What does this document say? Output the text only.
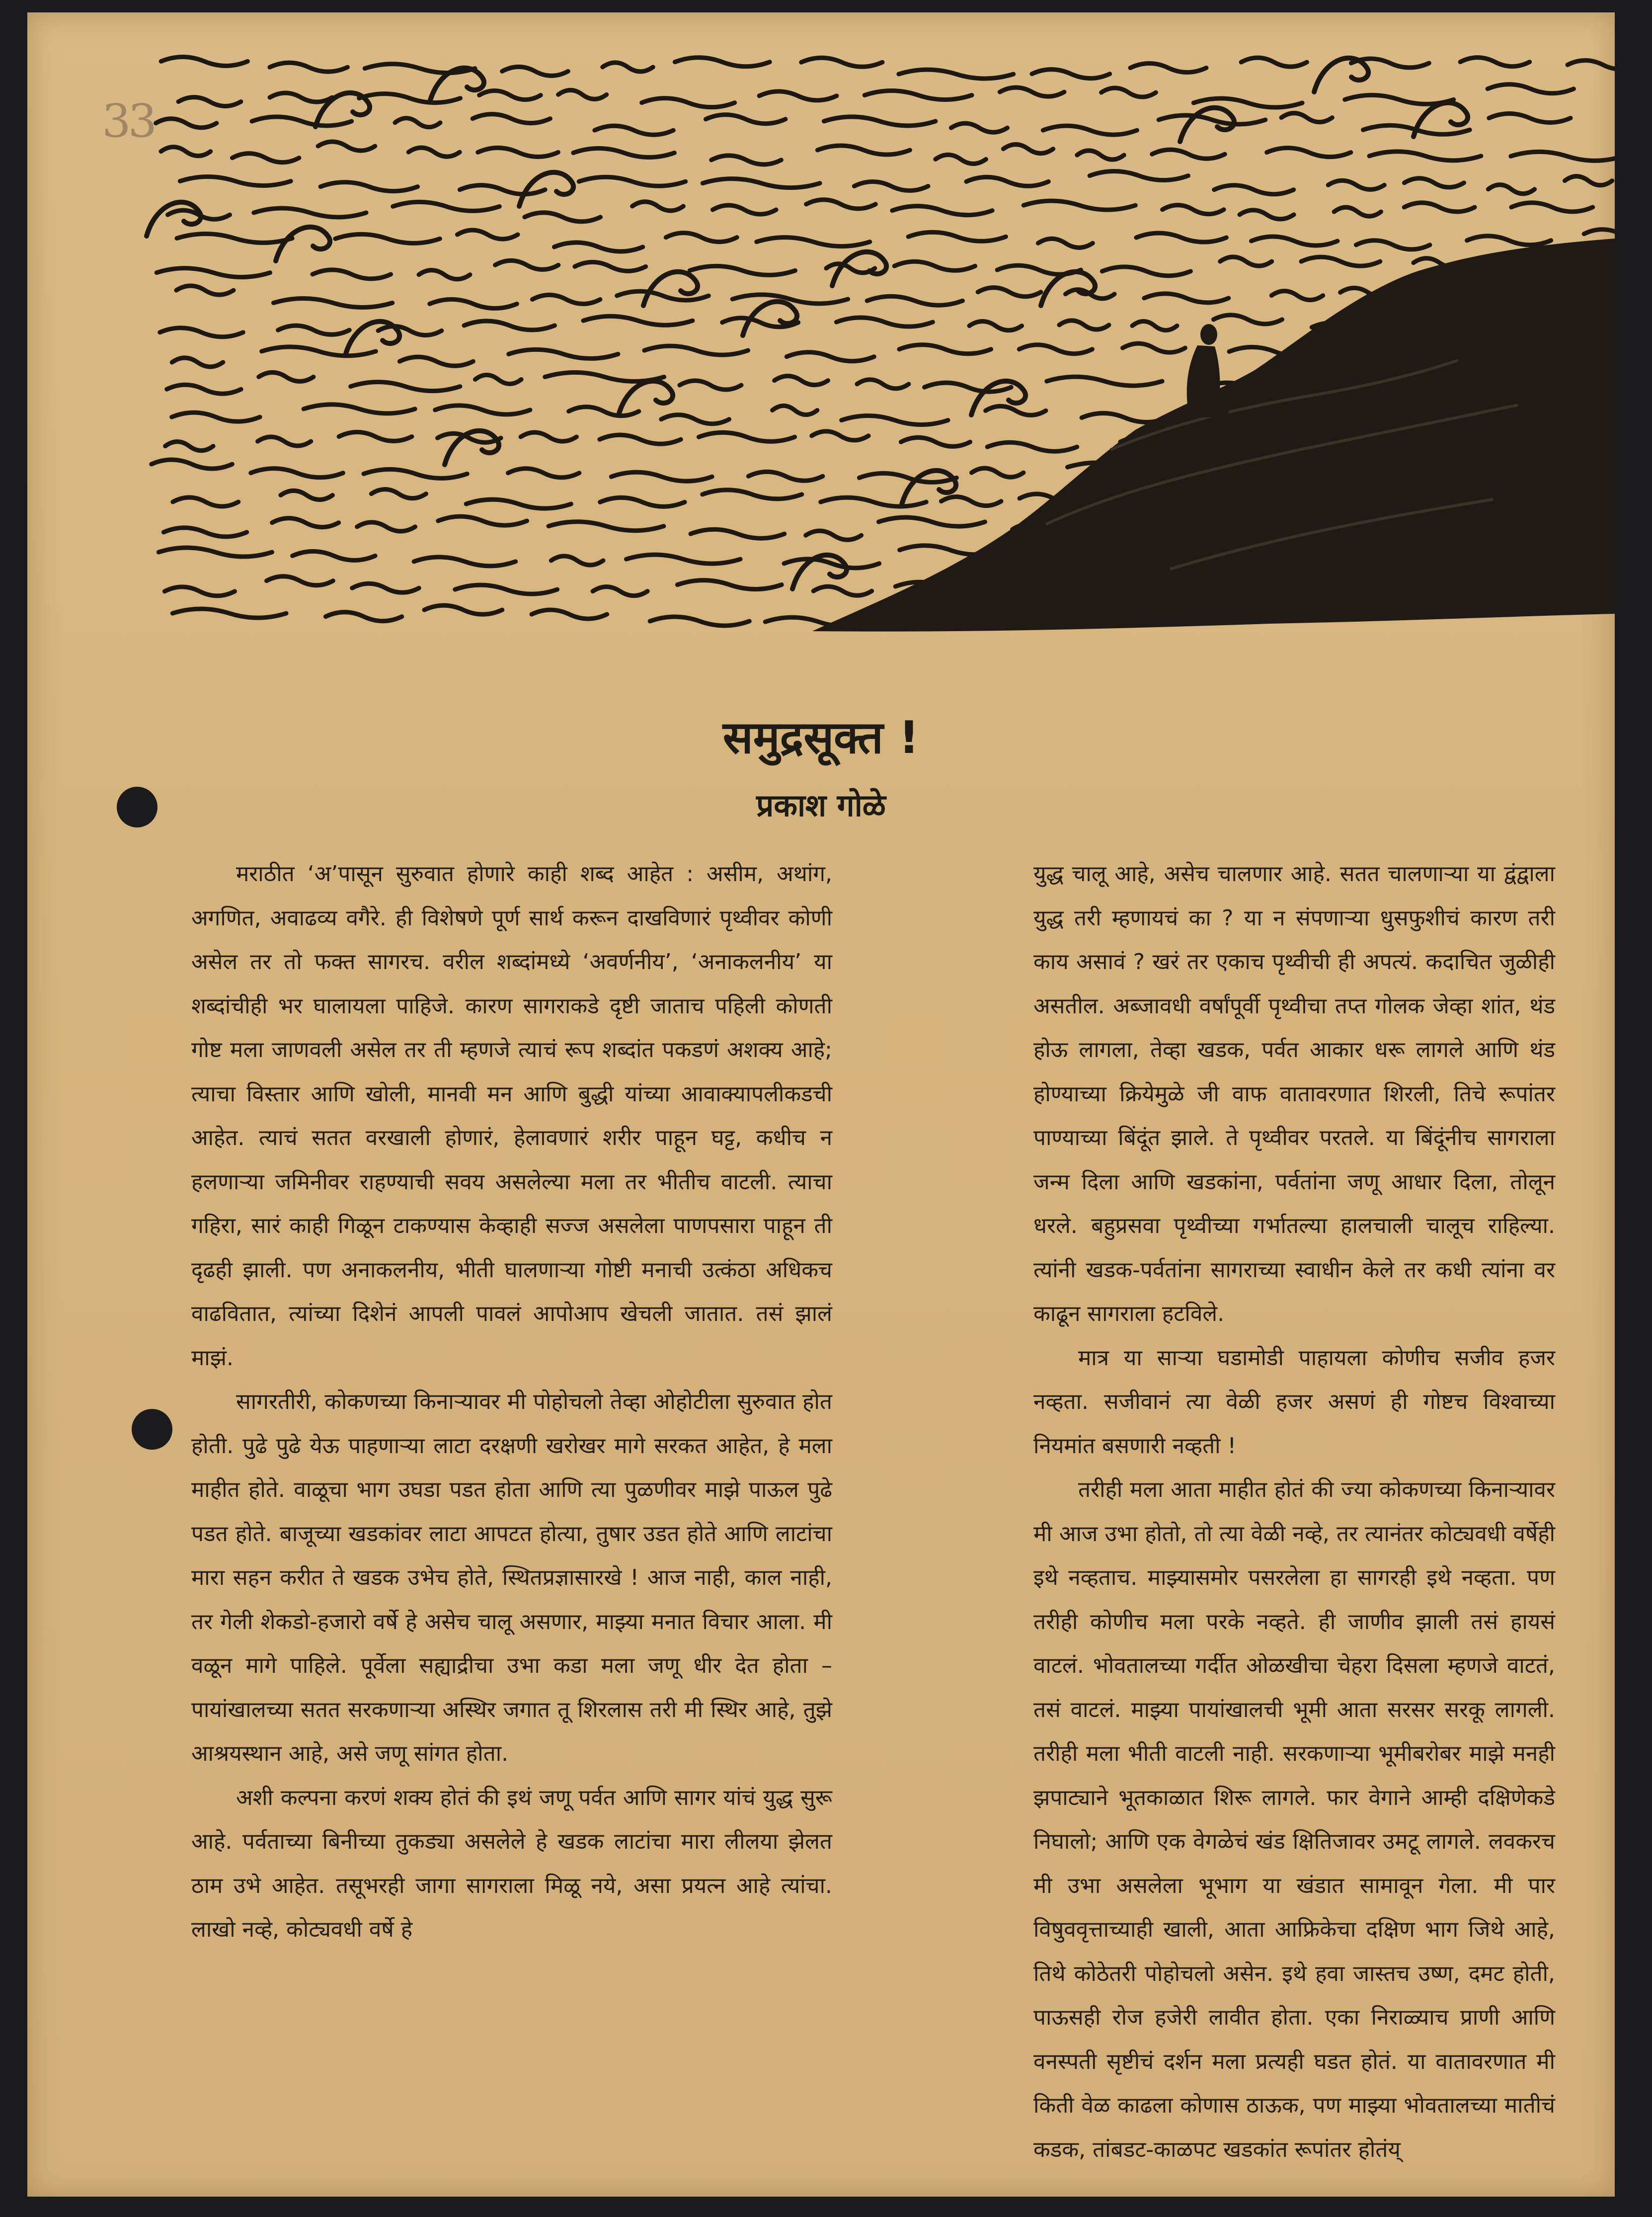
33
समुद्रसूक्त !
प्रकाश गोळे

मराठीत ‘अ’पासून सुरुवात होणारे काही शब्द आहेत : असीम, अथांग, अगणित, अवाढव्य वगैरे. ही विशेषणे पूर्ण सार्थ करून दाखविणारं पृथ्वीवर कोणी असेल तर तो फक्त सागरच. वरील शब्दांमध्ये ‘अवर्णनीय’, ‘अनाकलनीय’ या शब्दांचीही भर घालायला पाहिजे. कारण सागराकडे दृष्टी जाताच पहिली कोणती गोष्ट मला जाणवली असेल तर ती म्हणजे त्याचं रूप शब्दांत पकडणं अशक्य आहे; त्याचा विस्तार आणि खोली, मानवी मन आणि बुद्धी यांच्या आवाक्यापलीकडची आहेत. त्याचं सतत वरखाली होणारं, हेलावणारं शरीर पाहून घट्ट, कधीच न हलणाऱ्या जमिनीवर राहण्याची सवय असलेल्या मला तर भीतीच वाटली. त्याचा गहिरा, सारं काही गिळून टाकण्यास केव्हाही सज्ज असलेला पाणपसारा पाहून ती दृढही झाली. पण अनाकलनीय, भीती घालणाऱ्या गोष्टी मनाची उत्कंठा अधिकच वाढवितात, त्यांच्या दिशेनं आपली पावलं आपोआप खेचली जातात. तसं झालं माझं.

सागरतीरी, कोकणच्या किनाऱ्यावर मी पोहोचलो तेव्हा ओहोटीला सुरुवात होत होती. पुढे पुढे येऊ पाहणाऱ्या लाटा दरक्षणी खरोखर मागे सरकत आहेत, हे मला माहीत होते. वाळूचा भाग उघडा पडत होता आणि त्या पुळणीवर माझे पाऊल पुढे पडत होते. बाजूच्या खडकांवर लाटा आपटत होत्या, तुषार उडत होते आणि लाटांचा मारा सहन करीत ते खडक उभेच होते, स्थितप्रज्ञासारखे ! आज नाही, काल नाही, तर गेली शेकडो-हजारो वर्षे हे असेच चालू असणार, माझ्या मनात विचार आला. मी वळून मागे पाहिले. पूर्वेला सह्याद्रीचा उभा कडा मला जणू धीर देत होता – पायांखालच्या सतत सरकणाऱ्या अस्थिर जगात तू शिरलास तरी मी स्थिर आहे, तुझे आश्रयस्थान आहे, असे जणू सांगत होता.

अशी कल्पना करणं शक्य होतं की इथं जणू पर्वत आणि सागर यांचं युद्ध सुरू आहे. पर्वताच्या बिनीच्या तुकड्या असलेले हे खडक लाटांचा मारा लीलया झेलत ठाम उभे आहेत. तसूभरही जागा सागराला मिळू नये, असा प्रयत्न आहे त्यांचा. लाखो नव्हे, कोट्यवधी वर्षे हे

युद्ध चालू आहे, असेच चालणार आहे. सतत चालणाऱ्या या द्वंद्वाला युद्ध तरी म्हणायचं का ? या न संपणाऱ्या धुसफुशीचं कारण तरी काय असावं ? खरं तर एकाच पृथ्वीची ही अपत्यं. कदाचित जुळीही असतील. अब्जावधी वर्षांपूर्वी पृथ्वीचा तप्त गोलक जेव्हा शांत, थंड होऊ लागला, तेव्हा खडक, पर्वत आकार धरू लागले आणि थंड होण्याच्या क्रियेमुळे जी वाफ वातावरणात शिरली, तिचे रूपांतर पाण्याच्या बिंदूंत झाले. ते पृथ्वीवर परतले. या बिंदूंनीच सागराला जन्म दिला आणि खडकांना, पर्वतांना जणू आधार दिला, तोलून धरले. बहुप्रसवा पृथ्वीच्या गर्भातल्या हालचाली चालूच राहिल्या. त्यांनी खडक-पर्वतांना सागराच्या स्वाधीन केले तर कधी त्यांना वर काढून सागराला हटविले.

मात्र या साऱ्या घडामोडी पाहायला कोणीच सजीव हजर नव्हता. सजीवानं त्या वेळी हजर असणं ही गोष्टच विश्वाच्या नियमांत बसणारी नव्हती !

तरीही मला आता माहीत होतं की ज्या कोकणच्या किनाऱ्यावर मी आज उभा होतो, तो त्या वेळी नव्हे, तर त्यानंतर कोट्यवधी वर्षेही इथे नव्हताच. माझ्यासमोर पसरलेला हा सागरही इथे नव्हता. पण तरीही कोणीच मला परके नव्हते. ही जाणीव झाली तसं हायसं वाटलं. भोवतालच्या गर्दीत ओळखीचा चेहरा दिसला म्हणजे वाटतं, तसं वाटलं. माझ्या पायांखालची भूमी आता सरसर सरकू लागली. तरीही मला भीती वाटली नाही. सरकणाऱ्या भूमीबरोबर माझे मनही झपाट्याने भूतकाळात शिरू लागले. फार वेगाने आम्ही दक्षिणेकडे निघालो; आणि एक वेगळेचं खंड क्षितिजावर उमटू लागले. लवकरच मी उभा असलेला भूभाग या खंडात सामावून गेला. मी पार विषुववृत्ताच्याही खाली, आता आफ्रिकेचा दक्षिण भाग जिथे आहे, तिथे कोठेतरी पोहोचलो असेन. इथे हवा जास्तच उष्ण, दमट होती, पाऊसही रोज हजेरी लावीत होता. एका निराळ्याच प्राणी आणि वनस्पती सृष्टीचं दर्शन मला प्रत्यही घडत होतं. या वातावरणात मी किती वेळ काढला कोणास ठाऊक, पण माझ्या भोवतालच्या मातीचं कडक, तांबडट-काळपट खडकांत रूपांतर होतंय्
